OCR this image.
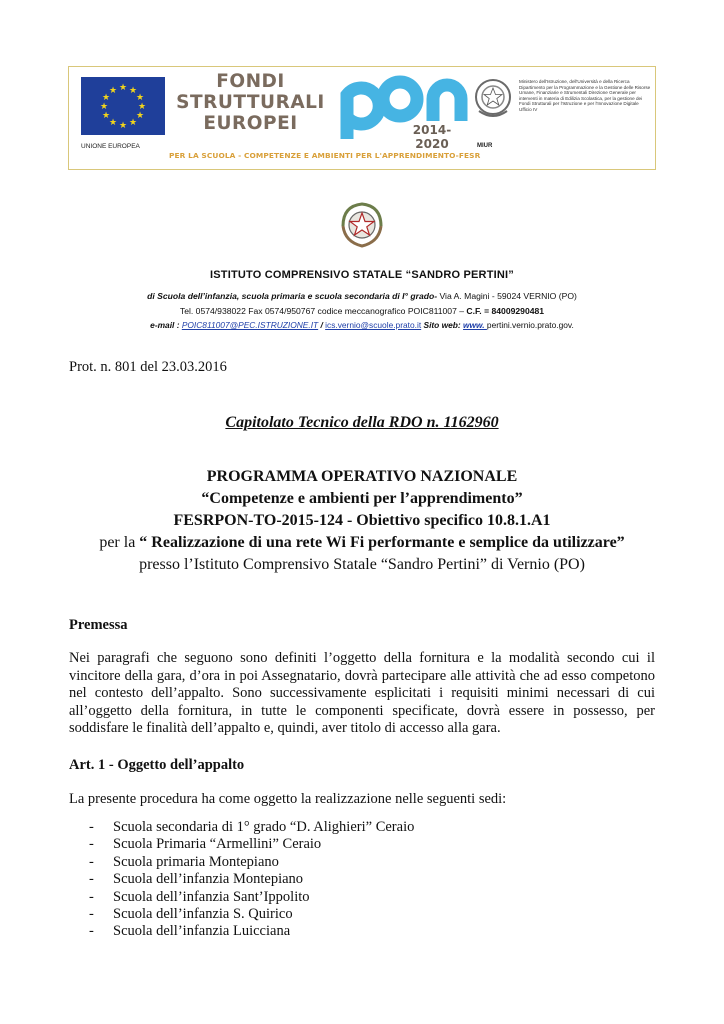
★ ★
★
★
★
★
★
★
★
★
★
★
UNIONE EUROPEA
FONDI
STRUTTURALI
EUROPEI	2014-2020	MIUR
Ministero dell'Istruzione, dell'Università e della Ricerca Dipartimento per la Programmazione e la Gestione delle Risorse Umane, Finanziarie e Strumentali Direzione Generale per interventi in materia di Edilizia Scolastica, per la gestione dei Fondi Strutturali per l'Istruzione e per l'Innovazione Digitale Ufficio IV
PER LA SCUOLA - COMPETENZE E AMBIENTI PER L'APPRENDIMENTO-FESR
ISTITUTO COMPRENSIVO STATALE “SANDRO PERTINI”
di Scuola dell’infanzia, scuola primaria e scuola secondaria di I° grado- Via A. Magini - 59024 VERNIO (PO)
Tel. 0574/938022 Fax 0574/950767 codice meccanografico POIC811007 – C.F. = 84009290481
e-mail : POIC811007@PEC.ISTRUZIONE.IT / ics.vernio@scuole.prato.it Sito web: www. pertini.vernio.prato.gov.
Prot. n. 801 del 23.03.2016
Capitolato Tecnico della RDO n. 1162960
PROGRAMMA OPERATIVO NAZIONALE
“Competenze e ambienti per l’apprendimento”
FESRPON-TO-2015-124 - Obiettivo specifico 10.8.1.A1
per la “ Realizzazione di una rete Wi Fi performante e semplice da utilizzare”
presso l’Istituto Comprensivo Statale “Sandro Pertini” di Vernio (PO)
Premessa
Nei paragrafi che seguono sono definiti l’oggetto della fornitura e la modalità secondo cui il
vincitore della gara, d’ora in poi Assegnatario, dovrà partecipare alle attività che ad esso competono
nel contesto dell’appalto. Sono successivamente esplicitati i requisiti minimi necessari di cui
all’oggetto della fornitura, in tutte le componenti specificate, dovrà essere in possesso, per
soddisfare le finalità dell’appalto e, quindi, aver titolo di accesso alla gara.
Art. 1 - Oggetto dell’appalto
La presente procedura ha come oggetto la realizzazione nelle seguenti sedi:
- Scuola secondaria di 1° grado “D. Alighieri” Ceraio
- Scuola Primaria “Armellini” Ceraio
- Scuola primaria Montepiano
- Scuola dell’infanzia Montepiano
- Scuola dell’infanzia Sant’Ippolito
- Scuola dell’infanzia S. Quirico
- Scuola dell’infanzia Luicciana
